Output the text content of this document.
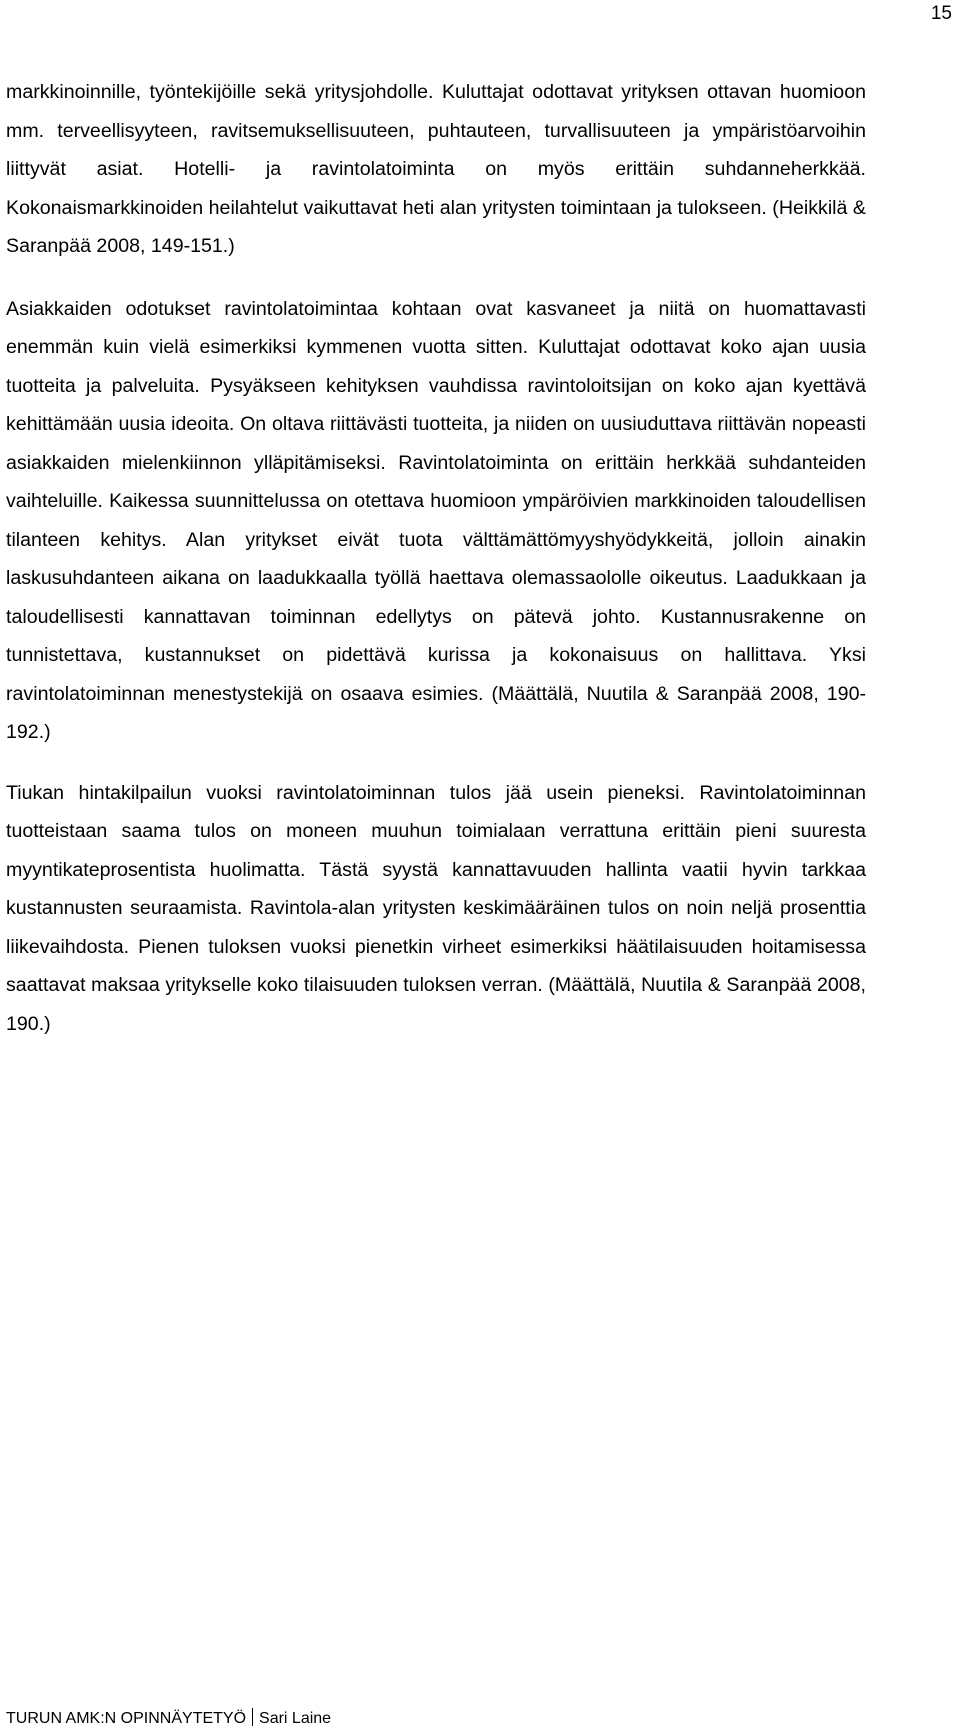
15

markkinoinnille, työntekijöille sekä yritysjohdolle. Kuluttajat odottavat yrityksen ottavan huomioon mm. terveellisyyteen, ravitsemuksellisuuteen, puhtauteen, turvallisuuteen ja ympäristöarvoihin liittyvät asiat. Hotelli- ja ravintolatoiminta on myös erittäin suhdanneherkkää. Kokonaismarkkinoiden heilahtelut vaikuttavat heti alan yritysten toimintaan ja tulokseen. (Heikkilä & Saranpää 2008, 149-151.)

Asiakkaiden odotukset ravintolatoimintaa kohtaan ovat kasvaneet ja niitä on huomattavasti enemmän kuin vielä esimerkiksi kymmenen vuotta sitten. Kuluttajat odottavat koko ajan uusia tuotteita ja palveluita. Pysyäkseen kehityksen vauhdissa ravintoloitsijan on koko ajan kyettävä kehittämään uusia ideoita. On oltava riittävästi tuotteita, ja niiden on uusiuduttava riittävän nopeasti asiakkaiden mielenkiinnon ylläpitämiseksi. Ravintolatoiminta on erittäin herkkää suhdanteiden vaihteluille. Kaikessa suunnittelussa on otettava huomioon ympäröivien markkinoiden taloudellisen tilanteen kehitys. Alan yritykset eivät tuota välttämättömyyshyödykkeitä, jolloin ainakin laskusuhdanteen aikana on laadukkaalla työllä haettava olemassaololle oikeutus. Laadukkaan ja taloudellisesti kannattavan toiminnan edellytys on pätevä johto. Kustannusrakenne on tunnistettava, kustannukset on pidettävä kurissa ja kokonaisuus on hallittava. Yksi ravintolatoiminnan menestystekijä on osaava esimies. (Määttälä, Nuutila & Saranpää 2008, 190-192.)

Tiukan hintakilpailun vuoksi ravintolatoiminnan tulos jää usein pieneksi. Ravintolatoiminnan tuotteistaan saama tulos on moneen muuhun toimialaan verrattuna erittäin pieni suuresta myyntikateprosentista huolimatta. Tästä syystä kannattavuuden hallinta vaatii hyvin tarkkaa kustannusten seuraamista. Ravintola-alan yritysten keskimääräinen tulos on noin neljä prosenttia liikevaihdosta. Pienen tuloksen vuoksi pienetkin virheet esimerkiksi häätilaisuuden hoitamisessa saattavat maksaa yritykselle koko tilaisuuden tuloksen verran. (Määttälä, Nuutila & Saranpää 2008, 190.)

TURUN AMK:N OPINNÄYTETYÖ Sari Laine
